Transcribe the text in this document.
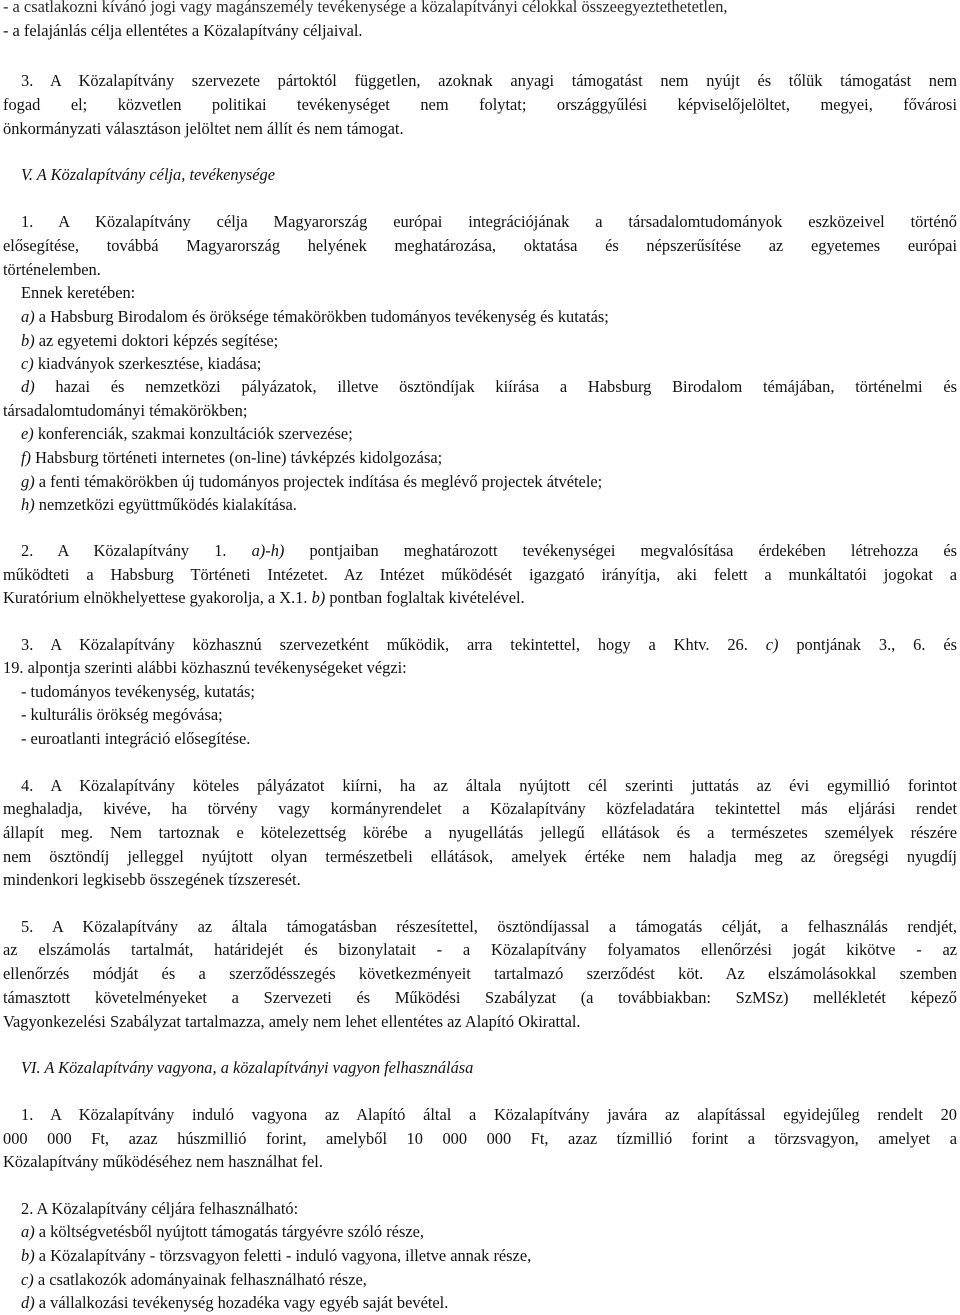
- a csatlakozni kívánó jogi vagy magánszemély tevékenysége a közalapítványi célokkal összeegyeztethetetlen,
- a felajánlás célja ellentétes a Közalapítvány céljaival.
3. A Közalapítvány szervezete pártoktól független, azoknak anyagi támogatást nem nyújt és tőlük támogatást nem
fogad el; közvetlen politikai tevékenységet nem folytat; országgyűlési képviselőjelöltet, megyei, fővárosi
önkormányzati választáson jelöltet nem állít és nem támogat.
V. A Közalapítvány célja, tevékenysége
1. A Közalapítvány célja Magyarország európai integrációjának a társadalomtudományok eszközeivel történő
elősegítése, továbbá Magyarország helyének meghatározása, oktatása és népszerűsítése az egyetemes európai
történelemben.
Ennek keretében:
a) a Habsburg Birodalom és öröksége témakörökben tudományos tevékenység és kutatás;
b) az egyetemi doktori képzés segítése;
c) kiadványok szerkesztése, kiadása;
d) hazai és nemzetközi pályázatok, illetve ösztöndíjak kiírása a Habsburg Birodalom témájában, történelmi és
társadalomtudományi témakörökben;
e) konferenciák, szakmai konzultációk szervezése;
f) Habsburg történeti internetes (on-line) távképzés kidolgozása;
g) a fenti témakörökben új tudományos projectek indítása és meglévő projectek átvétele;
h) nemzetközi együttműködés kialakítása.
2. A Közalapítvány 1. a)-h) pontjaiban meghatározott tevékenységei megvalósítása érdekében létrehozza és
működteti a Habsburg Történeti Intézetet. Az Intézet működését igazgató irányítja, aki felett a munkáltatói jogokat a
Kuratórium elnökhelyettese gyakorolja, a X.1. b) pontban foglaltak kivételével.
3. A Közalapítvány közhasznú szervezetként működik, arra tekintettel, hogy a Khtv. 26. c) pontjának 3., 6. és
19. alpontja szerinti alábbi közhasznú tevékenységeket végzi:
- tudományos tevékenység, kutatás;
- kulturális örökség megóvása;
- euroatlanti integráció elősegítése.
4. A Közalapítvány köteles pályázatot kiírni, ha az általa nyújtott cél szerinti juttatás az évi egymillió forintot
meghaladja, kivéve, ha törvény vagy kormányrendelet a Közalapítvány közfeladatára tekintettel más eljárási rendet
állapít meg. Nem tartoznak e kötelezettség körébe a nyugellátás jellegű ellátások és a természetes személyek részére
nem ösztöndíj jelleggel nyújtott olyan természetbeli ellátások, amelyek értéke nem haladja meg az öregségi nyugdíj
mindenkori legkisebb összegének tízszeresét.
5. A Közalapítvány az általa támogatásban részesítettel, ösztöndíjassal a támogatás célját, a felhasználás rendjét,
az elszámolás tartalmát, határidejét és bizonylatait - a Közalapítvány folyamatos ellenőrzési jogát kikötve - az
ellenőrzés módját és a szerződésszegés következményeit tartalmazó szerződést köt. Az elszámolásokkal szemben
támasztott követelményeket a Szervezeti és Működési Szabályzat (a továbbiakban: SzMSz) mellékletét képező
Vagyonkezelési Szabályzat tartalmazza, amely nem lehet ellentétes az Alapító Okirattal.
VI. A Közalapítvány vagyona, a közalapítványi vagyon felhasználása
1. A Közalapítvány induló vagyona az Alapító által a Közalapítvány javára az alapítással egyidejűleg rendelt 20
000 000 Ft, azaz húszmillió forint, amelyből 10 000 000 Ft, azaz tízmillió forint a törzsvagyon, amelyet a
Közalapítvány működéséhez nem használhat fel.
2. A Közalapítvány céljára felhasználható:
a) a költségvetésből nyújtott támogatás tárgyévre szóló része,
b) a Közalapítvány - törzsvagyon feletti - induló vagyona, illetve annak része,
c) a csatlakozók adományainak felhasználható része,
d) a vállalkozási tevékenység hozadéka vagy egyéb saját bevétel.
